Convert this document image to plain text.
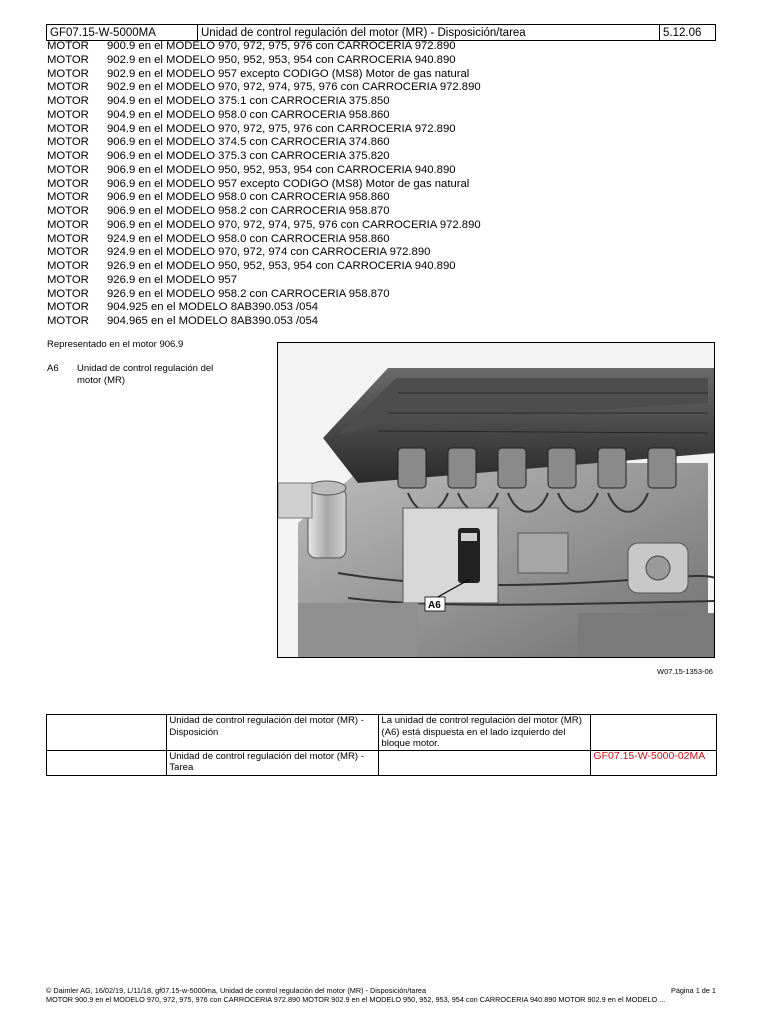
GF07.15-W-5000MA	Unidad de control regulación del motor (MR) - Disposición/tarea	5.12.06
MOTOR	900.9 en el MODELO 970, 972, 975, 976 con CARROCERIA 972.890
MOTOR	902.9 en el MODELO 950, 952, 953, 954 con CARROCERIA 940.890
MOTOR	902.9 en el MODELO 957 excepto CODIGO (MS8) Motor de gas natural
MOTOR	902.9 en el MODELO 970, 972, 974, 975, 976 con CARROCERIA 972.890
MOTOR	904.9 en el MODELO 375.1 con CARROCERIA 375.850
MOTOR	904.9 en el MODELO 958.0 con CARROCERIA 958.860
MOTOR	904.9 en el MODELO 970, 972, 975, 976 con CARROCERIA 972.890
MOTOR	906.9 en el MODELO 374.5 con CARROCERIA 374.860
MOTOR	906.9 en el MODELO 375.3 con CARROCERIA 375.820
MOTOR	906.9 en el MODELO 950, 952, 953, 954 con CARROCERIA 940.890
MOTOR	906.9 en el MODELO 957 excepto CODIGO (MS8) Motor de gas natural
MOTOR	906.9 en el MODELO 958.0 con CARROCERIA 958.860
MOTOR	906.9 en el MODELO 958.2 con CARROCERIA 958.870
MOTOR	906.9 en el MODELO 970, 972, 974, 975, 976 con CARROCERIA 972.890
MOTOR	924.9 en el MODELO 958.0 con CARROCERIA 958.860
MOTOR	924.9 en el MODELO 970, 972, 974 con CARROCERIA 972.890
MOTOR	926.9 en el MODELO 950, 952, 953, 954 con CARROCERIA 940.890
MOTOR	926.9 en el MODELO 957
MOTOR	926.9 en el MODELO 958.2 con CARROCERIA 958.870
MOTOR	904.925 en el MODELO 8AB390.053 /054
MOTOR	904.965 en el MODELO 8AB390.053 /054
Representado en el motor 906.9
A6	Unidad de control regulación del motor (MR)
A6
W07.15-1353-06
	Unidad de control regulación del motor (MR) - Disposición	La unidad de control regulación del motor (MR) (A6) está dispuesta en el lado izquierdo del bloque motor.	
	Unidad de control regulación del motor (MR) - Tarea		GF07.15-W-5000-02MA
© Daimler AG, 16/02/19, L/11/18, gf07.15-w-5000ma, Unidad de control regulación del motor (MR) - Disposición/tarea	Página 1 de 1
MOTOR 900.9 en el MODELO 970, 972, 975, 976 con CARROCERIA 972.890 MOTOR 902.9 en el MODELO 950, 952, 953, 954 con CARROCERIA 940.890 MOTOR 902.9 en el MODELO ...
